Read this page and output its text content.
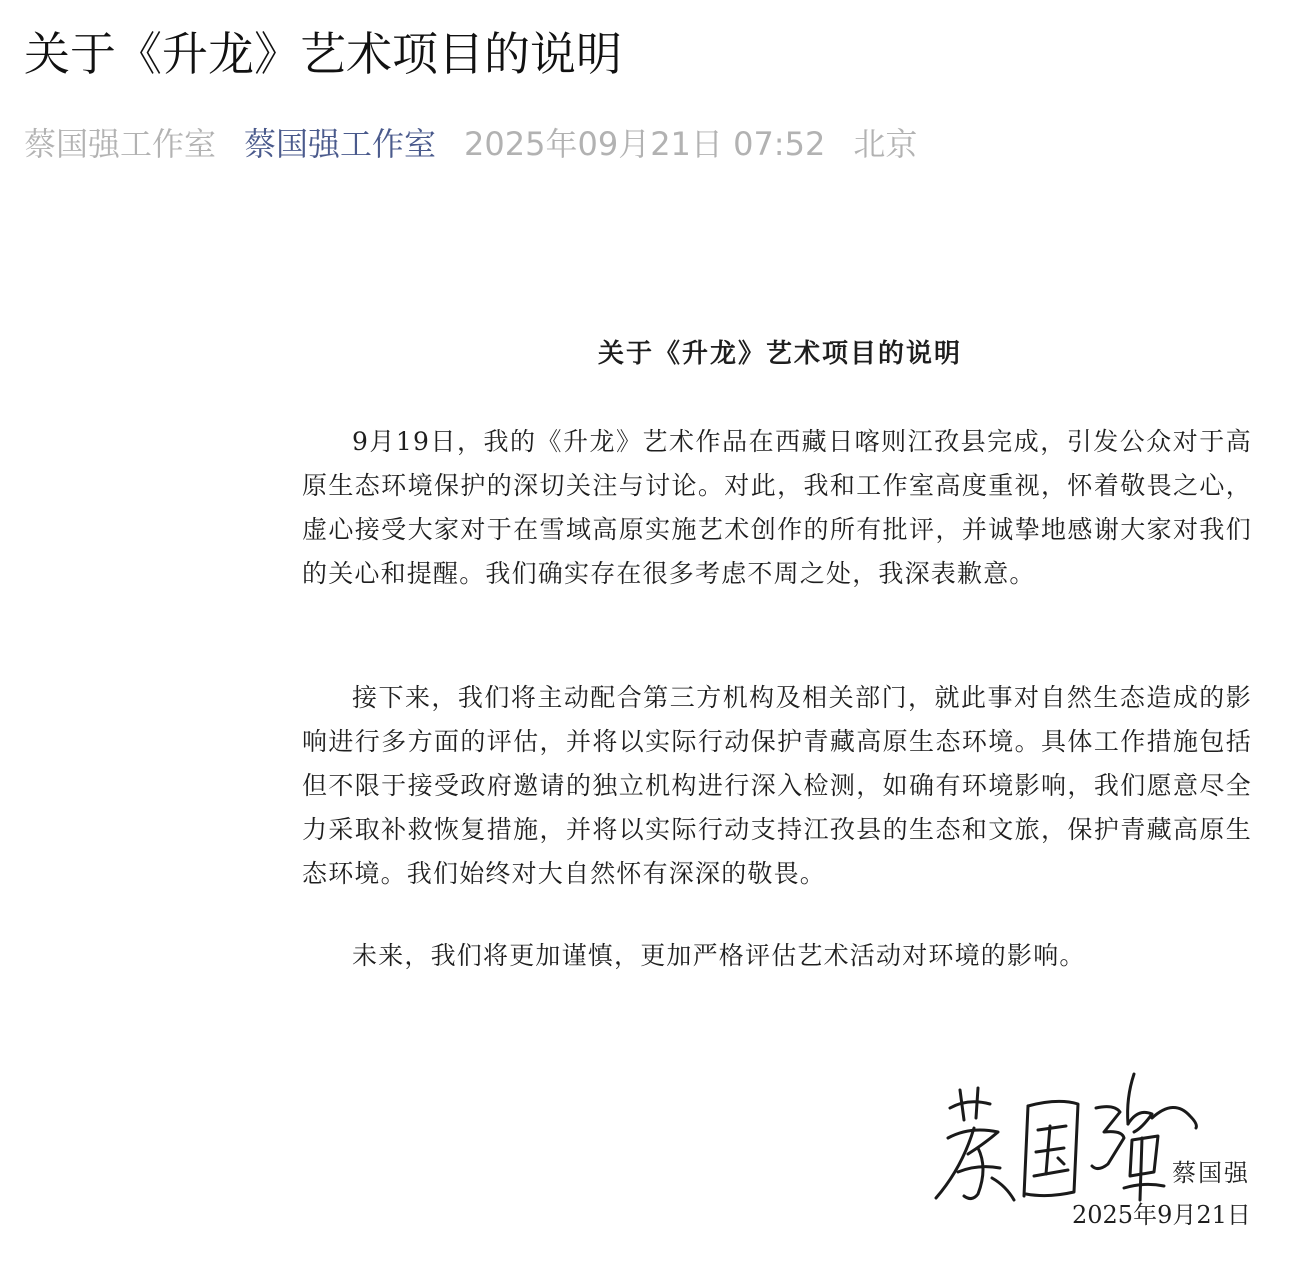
关于《升龙》艺术项目的说明
蔡国强工作室 蔡国强工作室 2025年09月21日 07:52 北京
关于《升龙》艺术项目的说明

9月19日，我的《升龙》艺术作品在西藏日喀则江孜县完成，引发公众对于高原生态环境保护的深切关注与讨论。对此，我和工作室高度重视，怀着敬畏之心，虚心接受大家对于在雪域高原实施艺术创作的所有批评，并诚挚地感谢大家对我们的关心和提醒。我们确实存在很多考虑不周之处，我深表歉意。

接下来，我们将主动配合第三方机构及相关部门，就此事对自然生态造成的影响进行多方面的评估，并将以实际行动保护青藏高原生态环境。具体工作措施包括但不限于接受政府邀请的独立机构进行深入检测，如确有环境影响，我们愿意尽全力采取补救恢复措施，并将以实际行动支持江孜县的生态和文旅，保护青藏高原生态环境。我们始终对大自然怀有深深的敬畏。

未来，我们将更加谨慎，更加严格评估艺术活动对环境的影响。

蔡国强
2025年9月21日
